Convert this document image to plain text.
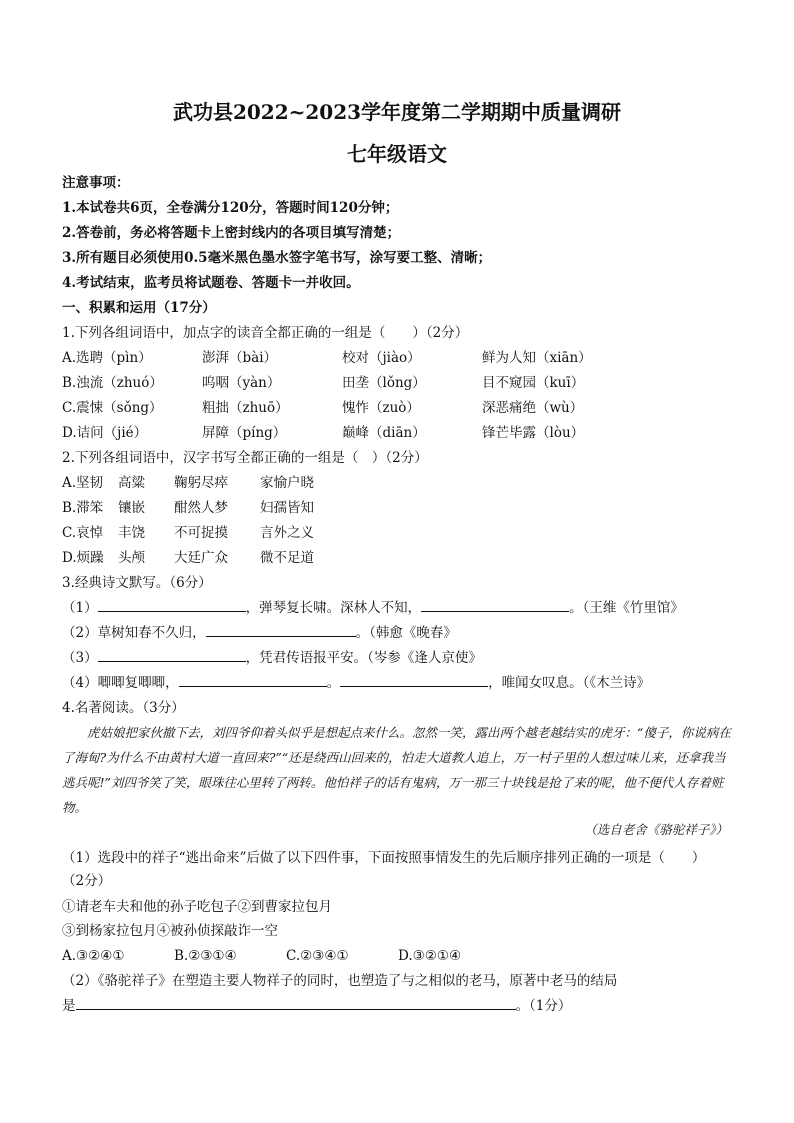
武功县2022~2023学年度第二学期期中质量调研
七年级语文
注意事项：
1.本试卷共6页，全卷满分120分，答题时间120分钟；
2.答卷前，务必将答题卡上密封线内的各项目填写清楚；
3.所有题目必须使用0.5毫米黑色墨水签字笔书写，涂写要工整、清晰；
4.考试结束，监考员将试题卷、答题卡一并收回。
一、积累和运用（17分）
1.下列各组词语中，加点字的读音全都正确的一组是（　　）（2分）
A.选聘（pìn）	澎湃（bài）	校对（jiào）	鲜为人知（xiān）
B.浊流（zhuó）	呜咽（yàn）	田垄（lǒng）	目不窥园（kuī）
C.震悚（sǒng）	粗拙（zhuō）	愧怍（zuò）	深恶痛绝（wù）
D.诘问（jié）	屏障（píng）	巅峰（diān）	锋芒毕露（lòu）
2.下列各组词语中，汉字书写全都正确的一组是（　）（2分）
A.坚韧 高粱 鞠躬尽瘁 家愉户晓
B.滞笨 镶嵌 酣然人梦 妇孺皆知
C.哀悼 丰饶 不可捉摸 言外之义
D.烦躁 头颅 大廷广众 微不足道
3.经典诗文默写。（6分）
（1）	，弹琴复长啸。深林人不知，	。（王维《竹里馆》
（2）草树知春不久归，	。（韩愈《晚春》
（3）	，凭君传语报平安。（岑参《逢人京使》
（4）唧唧复唧唧，	。	，唯闻女叹息。（《木兰诗》
4.名著阅读。（3分）
虎姑娘把家伙撤下去，刘四爷仰着头似乎是想起点来什么。忽然一笑，露出两个越老越结实的虎牙：“傻子，你说病在了海甸?为什么不由黄村大道一直回来?”“还是绕西山回来的，怕走大道教人追上，万一村子里的人想过味儿来，还拿我当逃兵呢!”刘四爷笑了笑，眼珠往心里转了两转。他怕祥子的话有鬼病，万一那三十块钱是抢了来的呢，他不便代人存着赃物。
（选自老舍《骆驼祥子》）
（1）选段中的祥子“逃出命来”后做了以下四件事，下面按照事情发生的先后顺序排列正确的一项是（　　）
（2分）
①请老车夫和他的孙子吃包子②到曹家拉包月
③到杨家拉包月④被孙侦探敲诈一空
A.③②④①	B.②③①④	C.②③④①	D.③②①④
（2）《骆驼祥子》在塑造主要人物祥子的同时，也塑造了与之相似的老马，原著中老马的结局
是	。（1分）
